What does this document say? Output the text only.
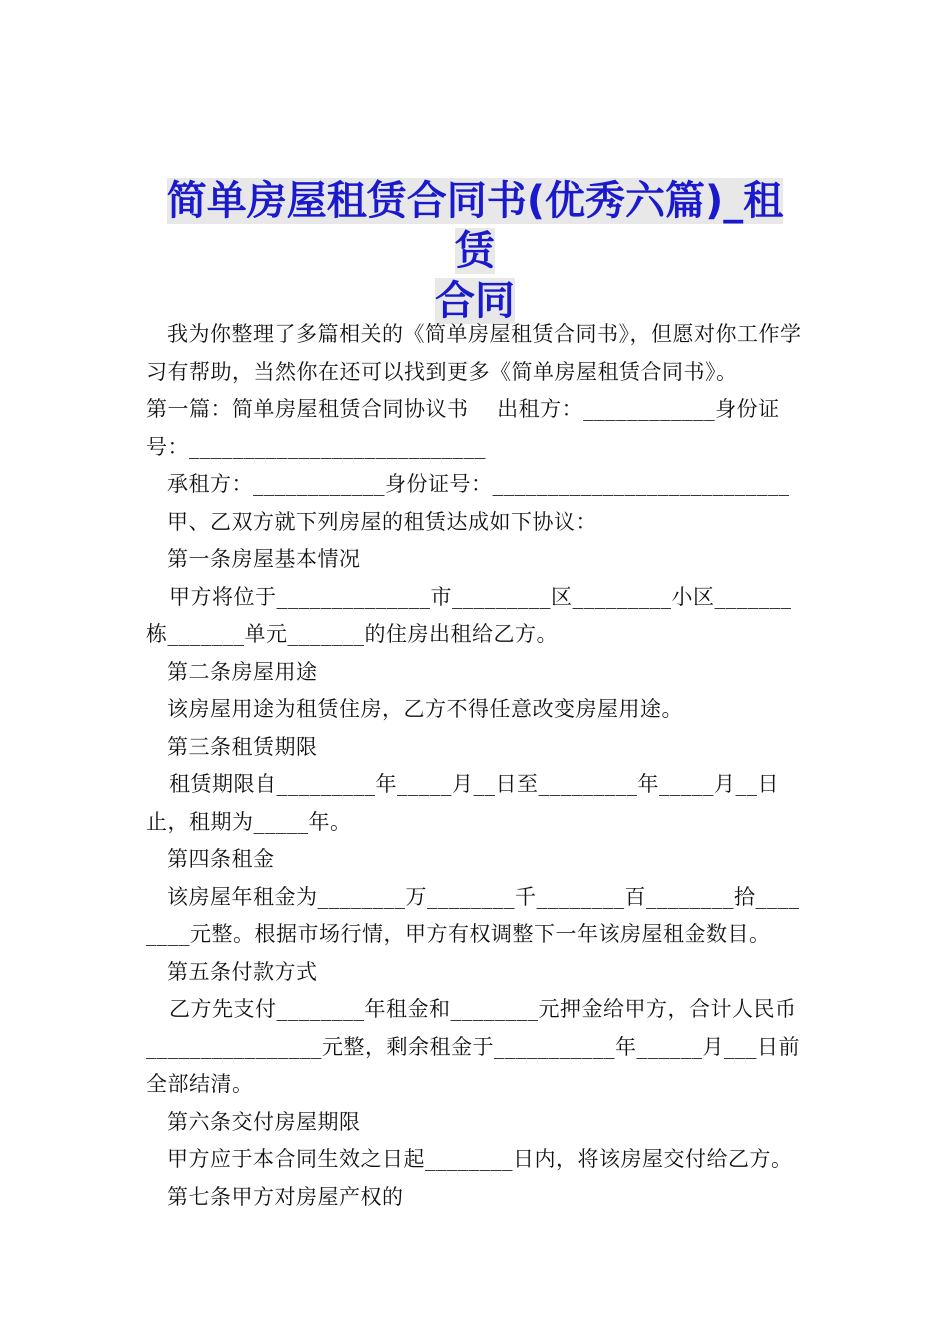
简单房屋租赁合同书(优秀六篇)_租赁
合同

我为你整理了多篇相关的《简单房屋租赁合同书》，但愿对你工作学习有帮助，当然你在还可以找到更多《简单房屋租赁合同书》。

第一篇：简单房屋租赁合同协议书　 出租方：____________身份证号：___________________________

承租方：____________身份证号：___________________________

甲、乙双方就下列房屋的租赁达成如下协议：

第一条房屋基本情况

甲方将位于______________市_________区_________小区_______栋_______单元_______的住房出租给乙方。

第二条房屋用途

该房屋用途为租赁住房，乙方不得任意改变房屋用途。

第三条租赁期限

租赁期限自_________年_____月__日至_________年_____月__日止，租期为_____年。

第四条租金

该房屋年租金为________万________千________百________拾________元整。根据市场行情，甲方有权调整下一年该房屋租金数目。

第五条付款方式

乙方先支付________年租金和________元押金给甲方，合计人民币________________元整，剩余租金于___________年______月___日前全部结清。

第六条交付房屋期限

甲方应于本合同生效之日起________日内，将该房屋交付给乙方。

第七条甲方对房屋产权的
